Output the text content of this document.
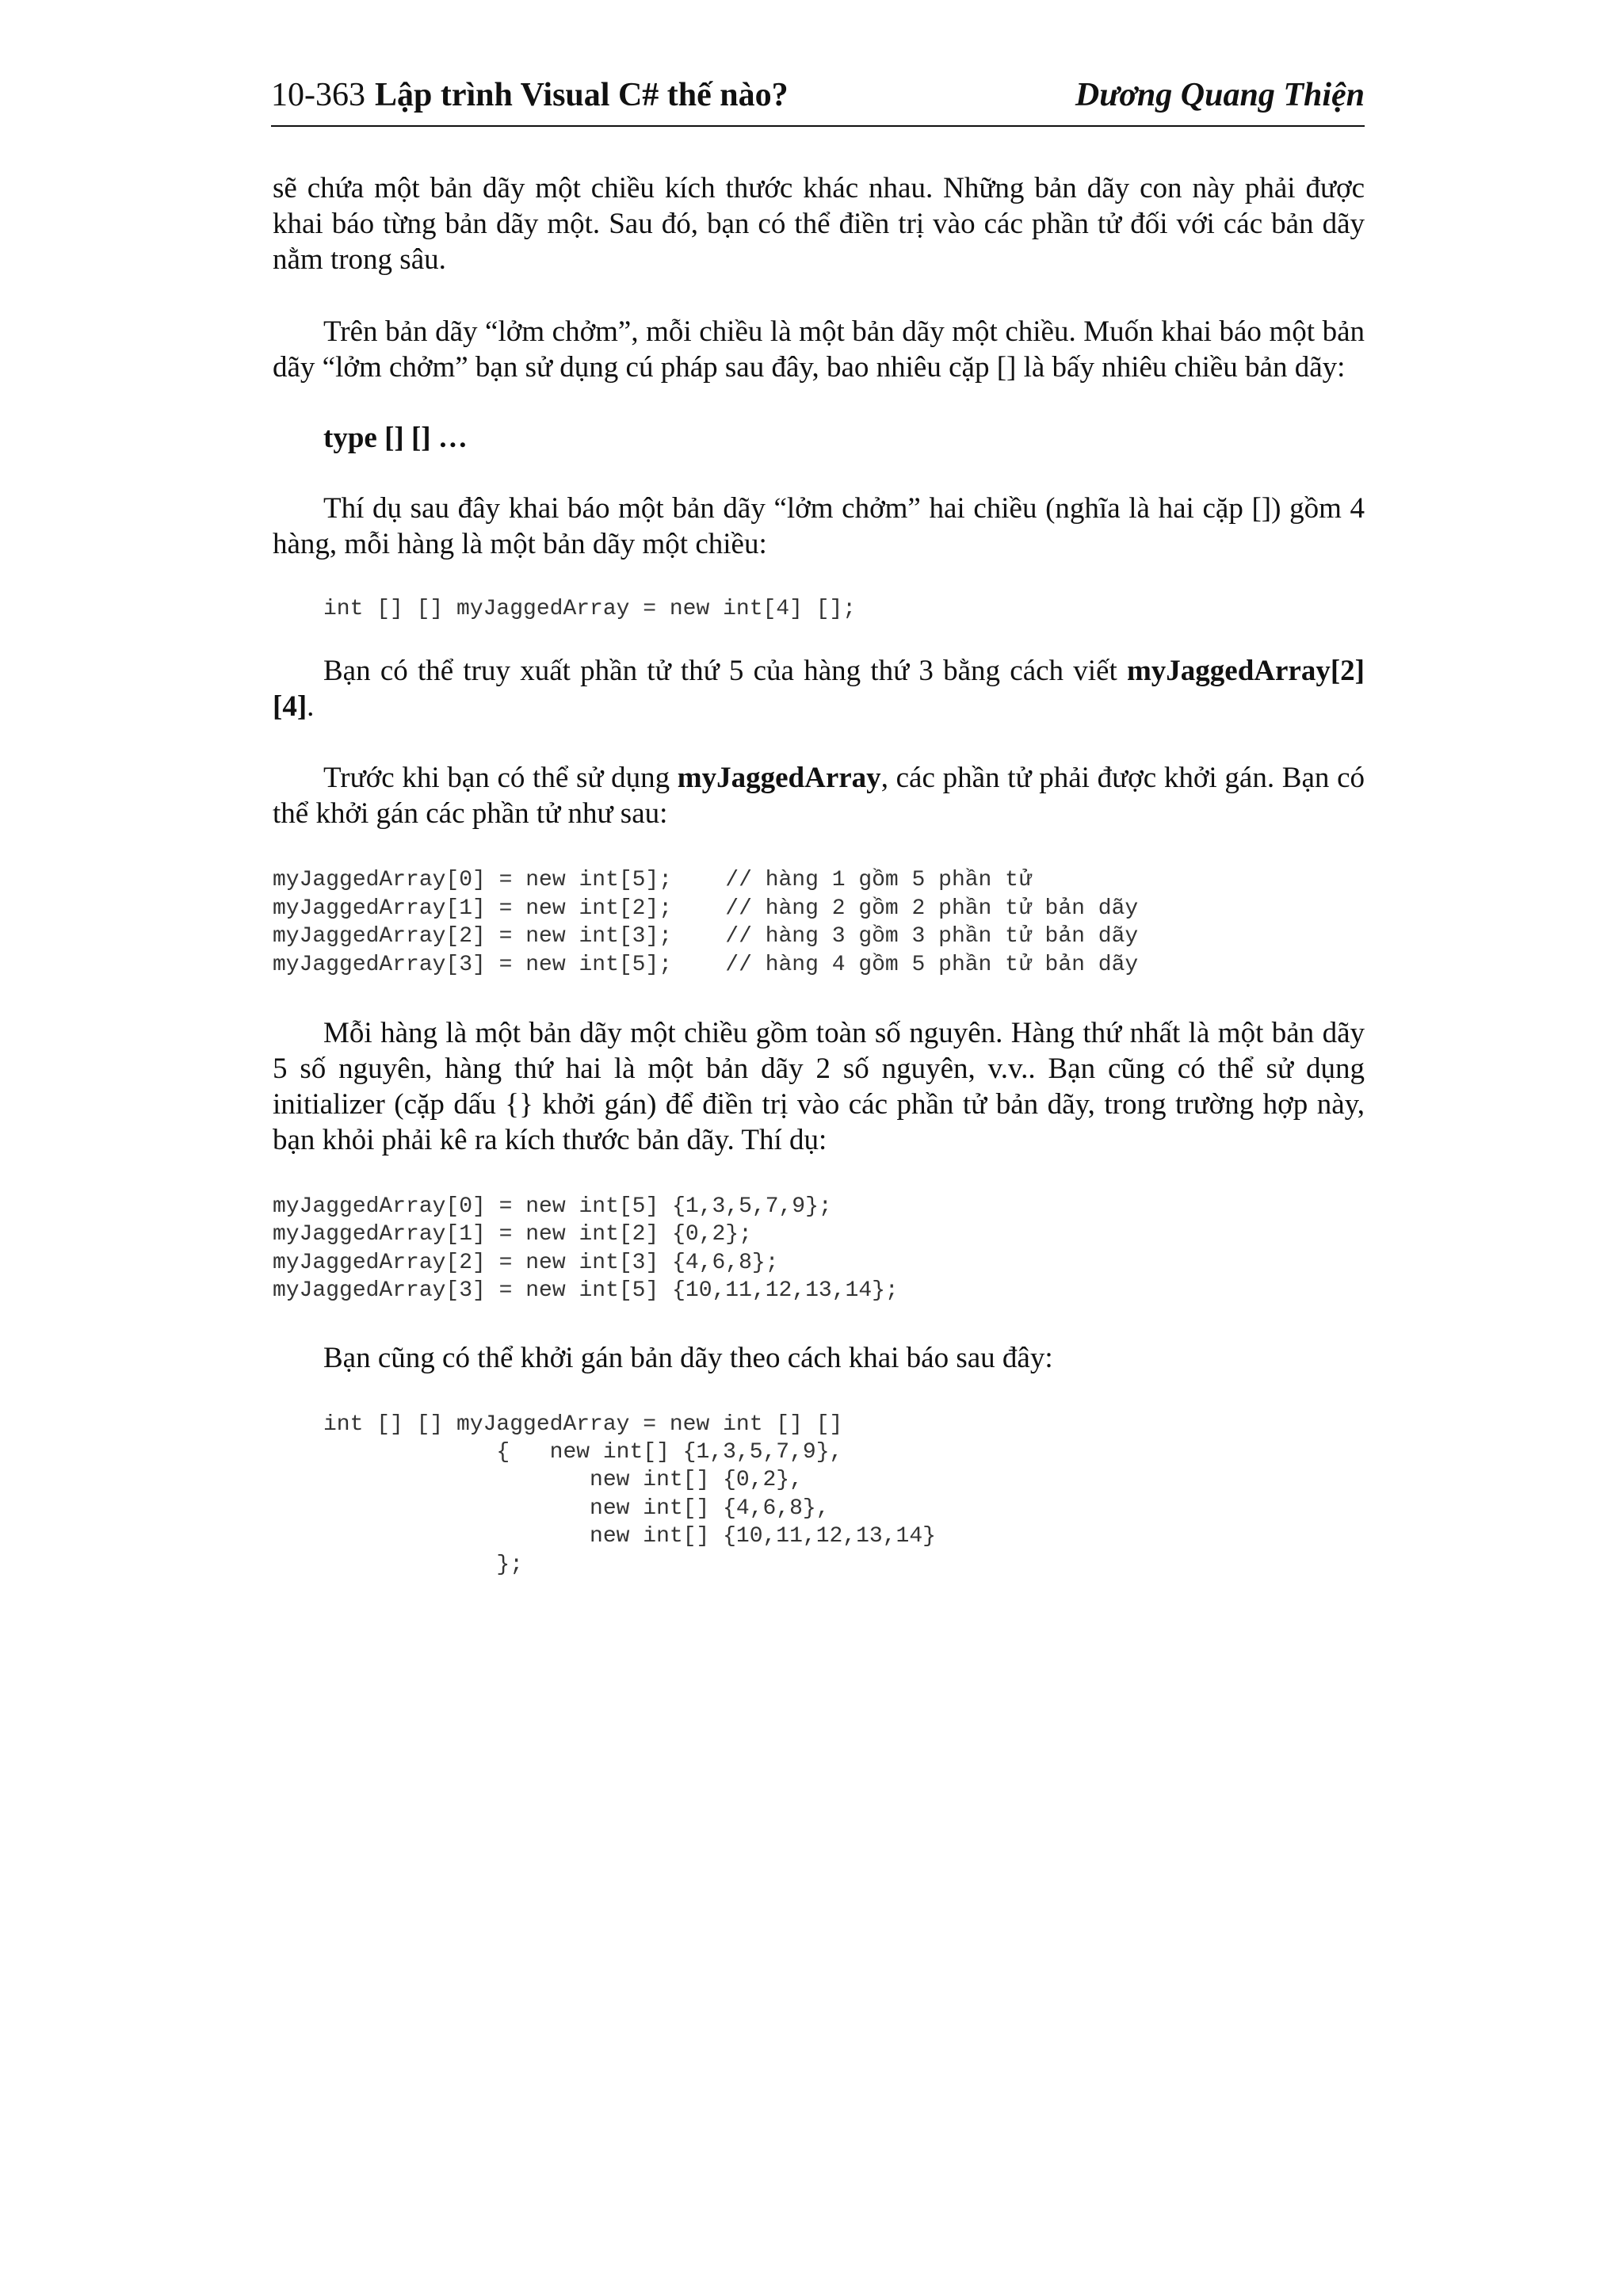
10-363 Lập trình Visual C# thế nào?	Dương Quang Thiện

sẽ chứa một bản dãy một chiều kích thước khác nhau. Những bản dãy con này phải được khai báo từng bản dãy một. Sau đó, bạn có thể điền trị vào các phần tử đối với các bản dãy nằm trong sâu.

Trên bản dãy “lởm chởm”, mỗi chiều là một bản dãy một chiều. Muốn khai báo một bản dãy “lởm chởm” bạn sử dụng cú pháp sau đây, bao nhiêu cặp [] là bấy nhiêu chiều bản dãy:

type [] [] …

Thí dụ sau đây khai báo một bản dãy “lởm chởm” hai chiều (nghĩa là hai cặp []) gồm 4 hàng, mỗi hàng là một bản dãy một chiều:

int [] [] myJaggedArray = new int[4] [];

Bạn có thể truy xuất phần tử thứ 5 của hàng thứ 3 bằng cách viết myJaggedArray[2] [4].

Trước khi bạn có thể sử dụng myJaggedArray, các phần tử phải được khởi gán. Bạn có thể khởi gán các phần tử như sau:

myJaggedArray[0] = new int[5];    // hàng 1 gồm 5 phần tử
myJaggedArray[1] = new int[2];    // hàng 2 gồm 2 phần tử bản dãy
myJaggedArray[2] = new int[3];    // hàng 3 gồm 3 phần tử bản dãy
myJaggedArray[3] = new int[5];    // hàng 4 gồm 5 phần tử bản dãy

Mỗi hàng là một bản dãy một chiều gồm toàn số nguyên. Hàng thứ nhất là một bản dãy 5 số nguyên, hàng thứ hai là một bản dãy 2 số nguyên, v.v.. Bạn cũng có thể sử dụng initializer (cặp dấu {} khởi gán) để điền trị vào các phần tử bản dãy, trong trường hợp này, bạn khỏi phải kê ra kích thước bản dãy. Thí dụ:

myJaggedArray[0] = new int[5] {1,3,5,7,9};
myJaggedArray[1] = new int[2] {0,2};
myJaggedArray[2] = new int[3] {4,6,8};
myJaggedArray[3] = new int[5] {10,11,12,13,14};

Bạn cũng có thể khởi gán bản dãy theo cách khai báo sau đây:

int [] [] myJaggedArray = new int [] []
{   new int[] {1,3,5,7,9},
new int[] {0,2},
new int[] {4,6,8},
new int[] {10,11,12,13,14}
};
